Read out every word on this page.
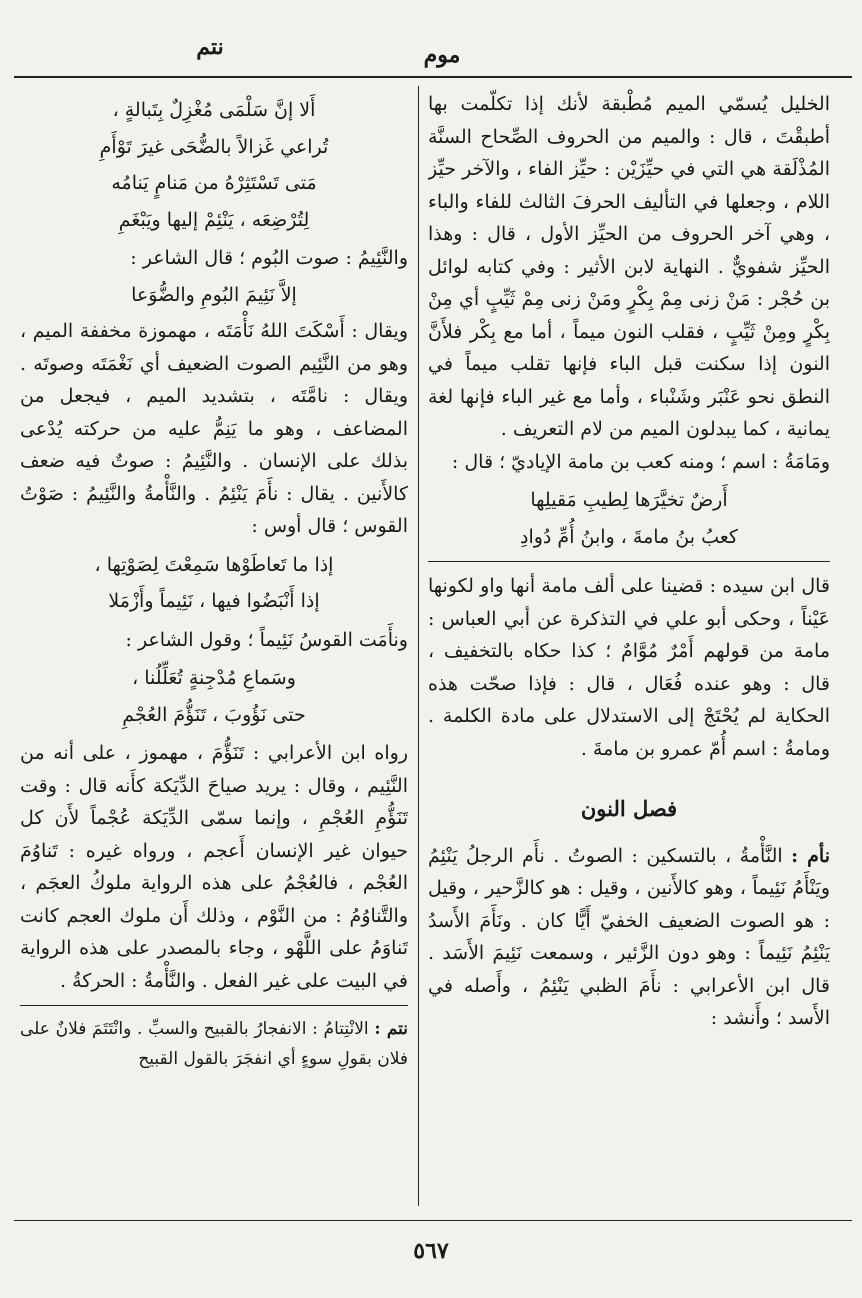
موم
نتم

الخليل يُسمّي الميم مُطْبقة لأنك إذا تكلّمت بها أطبقْتَ ، قال : والميم من الحروف الصِّحاح السنَّة المُذْلَقة هي التي في حيِّزَيْن : حيِّز الفاء ، والآخر حيِّز اللام ، وجعلها في التأليف الحرفَ الثالث للفاء والباء ، وهي آخر الحروف من الحيِّز الأول ، قال : وهذا الحيِّز شفويٌّ . النهاية لابن الأثير : وفي كتابه لوائل بن حُجْر : مَنْ زنى مِمْ بِكْرٍ ومَنْ زنى مِمْ ثَيِّبٍ أي مِنْ بِكْرٍ ومِنْ ثَيِّبٍ ، فقلب النون ميماً ، أما مع بِكْر فلأَنَّ النون إذا سكنت قبل الباء فإنها تقلب ميماً في النطق نحو عَنْبَر وشَنْباء ، وأما مع غير الباء فإنها لغة يمانية ، كما يبدلون الميم من لام التعريف .

ومَامَةُ : اسم ؛ ومنه كعب بن مامة الإياديّ ؛ قال :

أَرضٌ تخيَّرَها لِطيبِ مَقيلِها
كعبُ بنُ مامةَ ، وابنُ أُمِّ دُوادِ

قال ابن سيده : قضينا على ألف مامة أنها واو لكونها عَيْناً ، وحكى أبو علي في التذكرة عن أبي العباس : مامة من قولهم أَمْرٌ مُوَّامٌ ؛ كذا حكاه بالتخفيف ، قال : وهو عنده فُعَال ، قال : فإذا صحّت هذه الحكاية لم يُحْتَجْ إلى الاستدلال على مادة الكلمة . ومامةُ : اسم أُمّ عمرو بن مامةَ .

فصل النون

نأم : النَّأْمةُ ، بالتسكين : الصوتُ . نأَم الرجلُ يَنْئِمُ ويَنْأَمُ نَئِيماً ، وهو كالأَنين ، وقيل : هو كالزَّحير ، وقيل : هو الصوت الضعيف الخفيّ أَيًّا كان . ونَأَمَ الأَسدُ يَنْئِمُ نَئِيماً : وهو دون الزَّئير ، وسمعت نَئِيمَ الأَسَد . قال ابن الأعرابي : نأَمَ الظبي يَنْئِمُ ، وأَصله في الأَسد ؛ وأَنشد :

أَلا إنَّ سَلْمَى مُغْزِلٌ بِتَبالةٍ ،
تُراعي غَزالاً بالضُّحَى غيرَ تَوْأَمِ
مَتى تَسْتَثِرْهُ من مَنامٍ يَنامُه
لِتُرْضِعَه ، يَنْئِمْ إليها ويَبْغَمِ

والنَّئِيمُ : صوت البُوم ؛ قال الشاعر :

إلاَّ نَئِيمَ البُومِ والضُّوَعا

ويقال : أَسْكَتَ اللهُ نَأْمَتَه ، مهموزة مخففة الميم ، وهو من النَّئِيم الصوت الضعيف أي نَغْمَتَه وصوتَه . ويقال : نامَّتَه ، بتشديد الميم ، فيجعل من المضاعف ، وهو ما يَنِمُّ عليه من حركته يُدْعى بذلك على الإنسان . والنَّئِيمُ : صوتٌ فيه ضعف كالأَنين . يقال : نأَمَ يَنْئِمُ . والنَّأْمةُ والنَّئِيمُ : صَوْتُ القوس ؛ قال أوس :

إذا ما تَعاطَوْها سَمِعْتَ لِصَوْتِها ،
إذا أَنْبَضُوا فيها ، نَئِيماً وأَزْمَلا

ونأَمَت القوسُ نَئِيماً ؛ وقول الشاعر :

وسَماعِ مُدْجِنةٍ تُعَلِّلُنا ،
حتى نَؤُوبَ ، تَنَؤُّمَ العُجْمِ

رواه ابن الأعرابي : تَنَؤُّمَ ، مهموز ، على أنه من النَّئِيم ، وقال : يريد صياحَ الدِّيَكة كأَنه قال : وقت تَنَؤُّمِ العُجْمِ ، وإنما سمّى الدِّيَكة عُجْماً لأَن كل حيوان غير الإنسان أَعجم ، ورواه غيره : تَناوُمَ العُجْم ، فالعُجْمُ على هذه الرواية ملوكُ العجَم ، والتَّناوُمُ : من النَّوْم ، وذلك أَن ملوك العجم كانت تَناوَمُ على اللَّهْو ، وجاء بالمصدر على هذه الرواية في البيت على غير الفعل . والنَّأْمةُ : الحركةُ .

نتم : الانْتِتامُ : الانفجارُ بالقبيح والسبِّ . وانْتَتَمَ فلانٌ على فلان بقولِ سوءٍ أي انفجَرَ بالقول القبيح

٥٦٧
